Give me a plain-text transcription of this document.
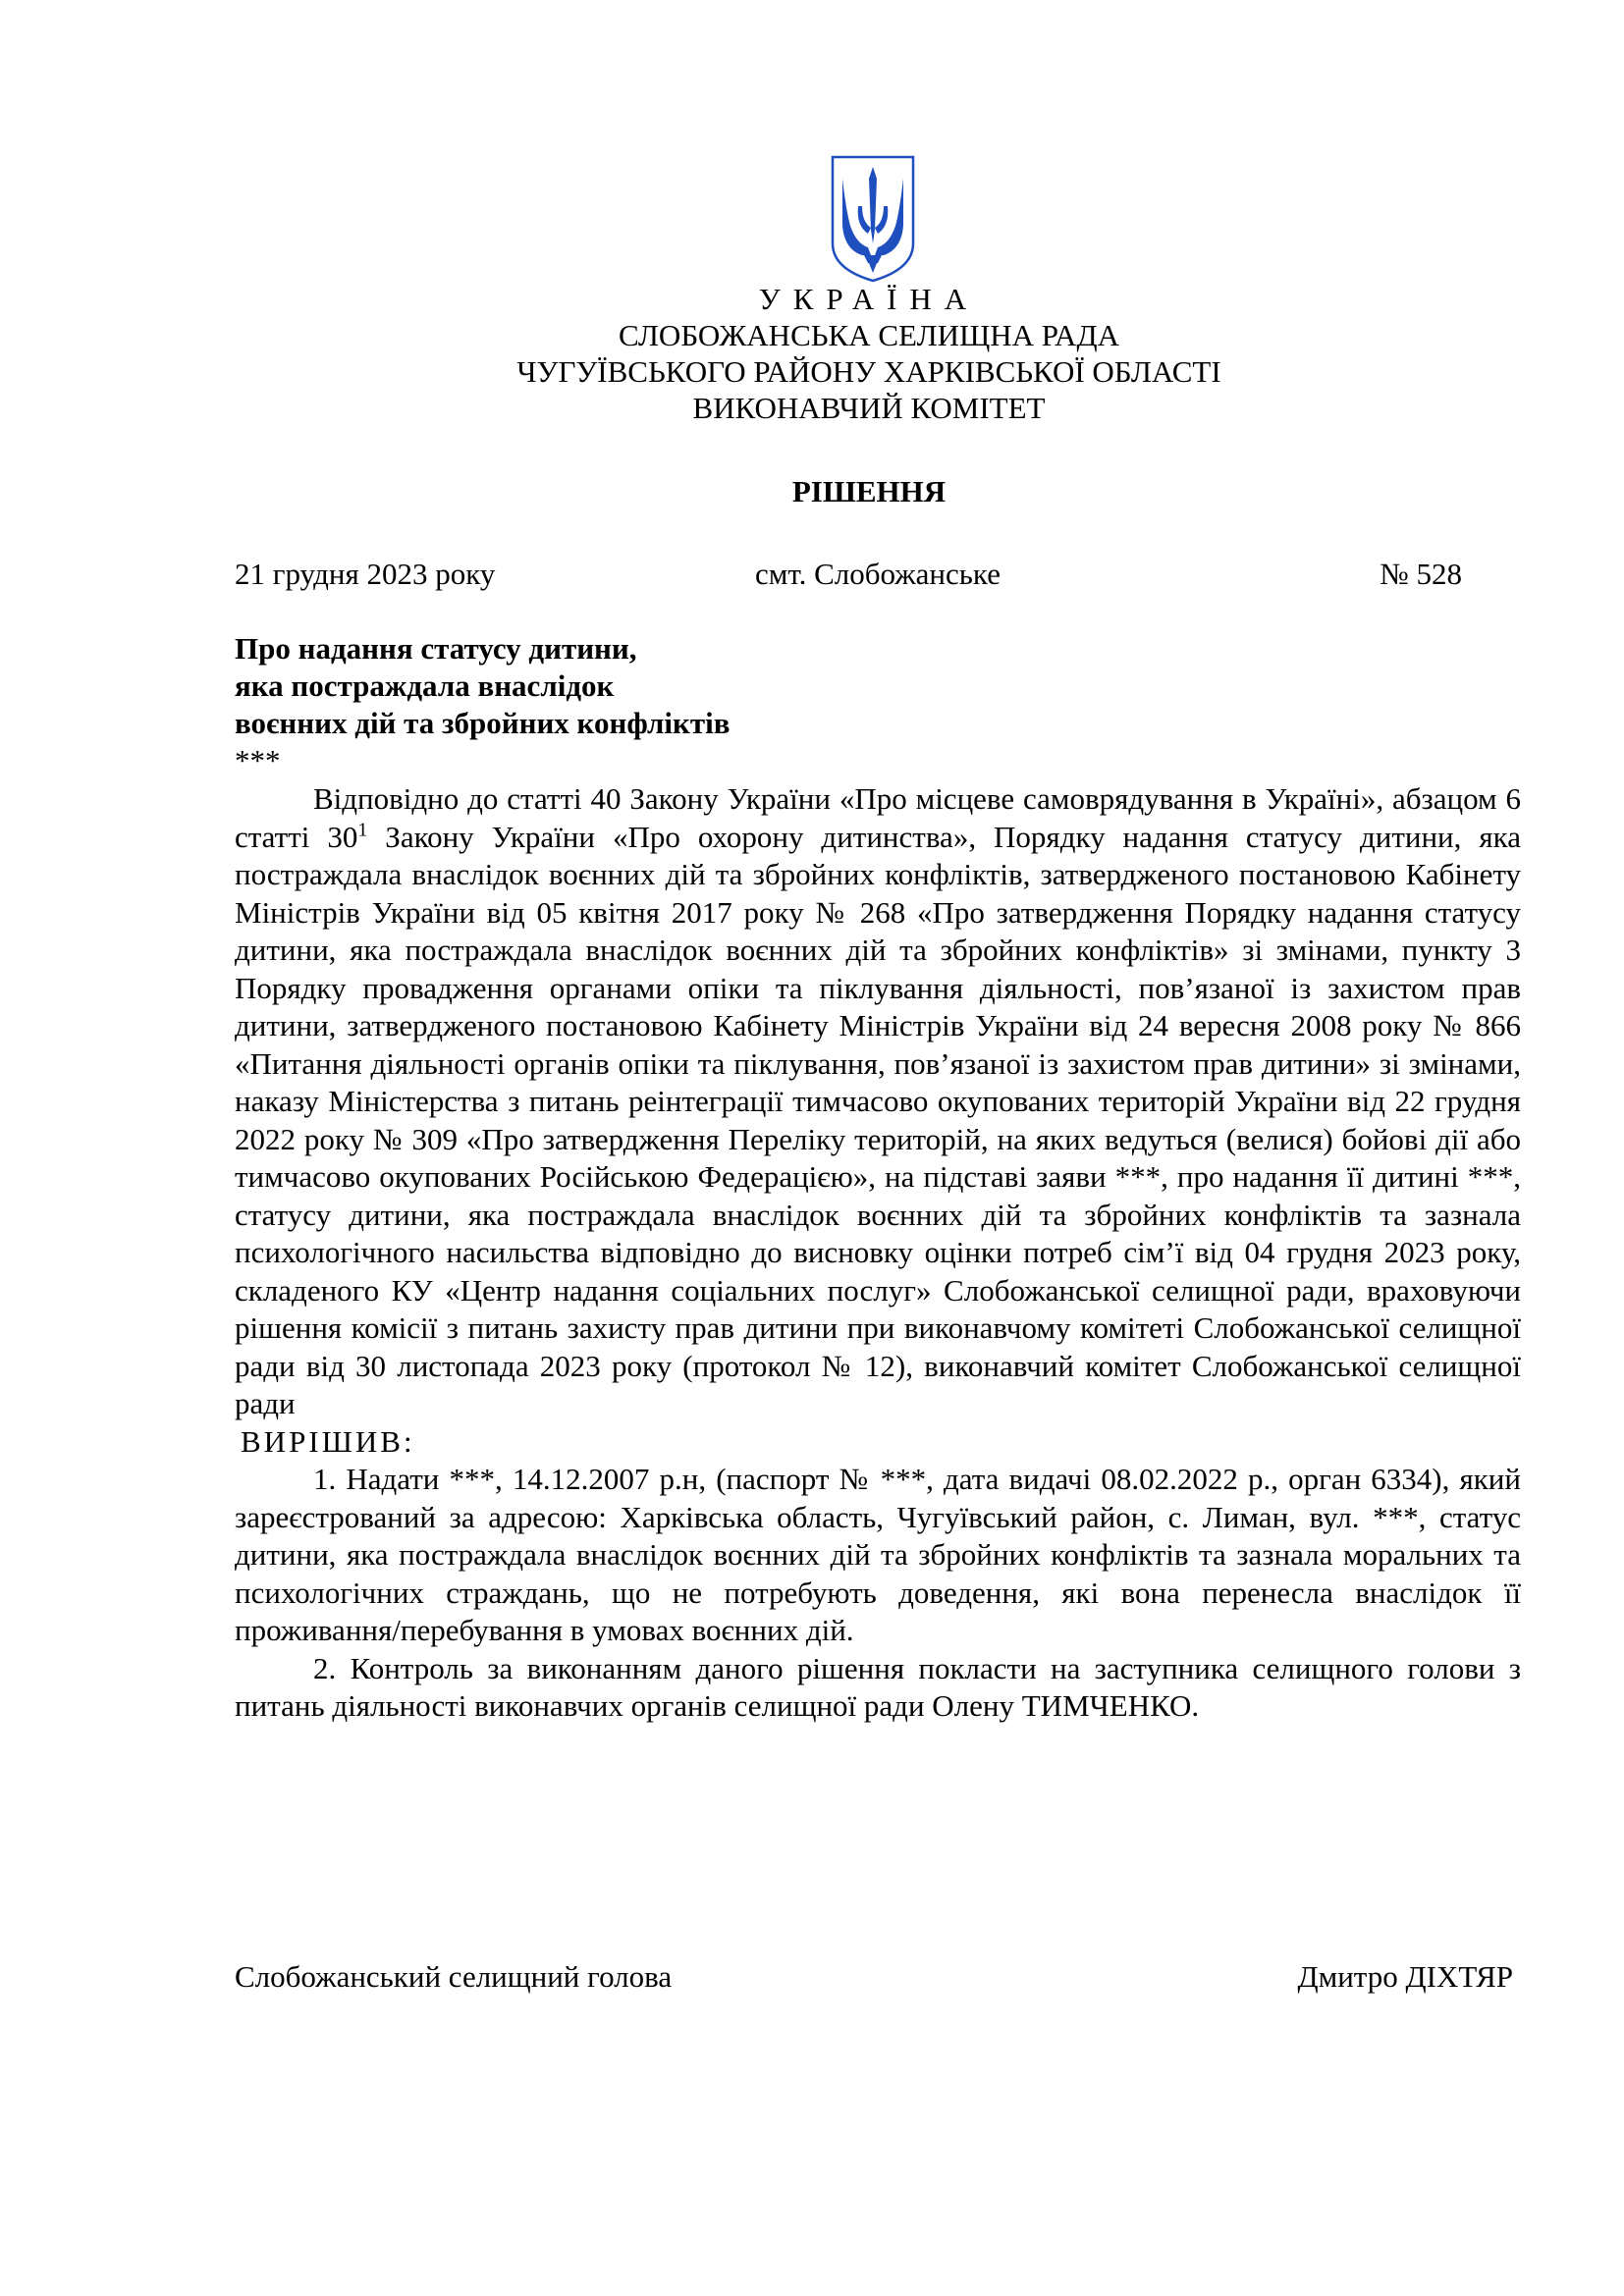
УКРАЇНА
СЛОБОЖАНСЬКА СЕЛИЩНА РАДА
ЧУГУЇВСЬКОГО РАЙОНУ ХАРКІВСЬКОЇ ОБЛАСТІ
ВИКОНАВЧИЙ КОМІТЕТ
РІШЕННЯ
21 грудня 2023 року	смт. Слобожанське	№ 528
Про надання статусу дитини,
яка постраждала внаслідок
воєнних дій та збройних конфліктів
***

Відповідно до статті 40 Закону України «Про місцеве самоврядування в Україні», абзацом 6 статті $30^1$ Закону України «Про охорону дитинства», Порядку надання статусу дитини, яка постраждала внаслідок воєнних дій та збройних конфліктів, затвердженого постановою Кабінету Міністрів України від 05 квітня 2017 року № 268 «Про затвердження Порядку надання статусу дитини, яка постраждала внаслідок воєнних дій та збройних конфліктів» зі змінами, пункту 3 Порядку провадження органами опіки та піклування діяльності, пов’язаної із захистом прав дитини, затвердженого постановою Кабінету Міністрів України від 24 вересня 2008 року № 866 «Питання діяльності органів опіки та піклування, пов’язаної із захистом прав дитини» зі змінами, наказу Міністерства з питань реінтеграції тимчасово окупованих територій України від 22 грудня 2022 року № 309 «Про затвердження Переліку територій, на яких ведуться (велися) бойові дії або тимчасово окупованих Російською Федерацією», на підставі заяви ***, про надання її дитині ***, статусу дитини, яка постраждала внаслідок воєнних дій та збройних конфліктів та зазнала психологічного насильства відповідно до висновку оцінки потреб сім’ї від 04 грудня 2023 року, складеного КУ «Центр надання соціальних послуг» Слобожанської селищної ради, враховуючи рішення комісії з питань захисту прав дитини при виконавчому комітеті Слобожанської селищної ради від 30 листопада 2023 року (протокол № 12), виконавчий комітет Слобожанської селищної ради

ВИРІШИВ:

1. Надати ***, 14.12.2007 р.н, (паспорт № ***, дата видачі 08.02.2022 р., орган 6334), який зареєстрований за адресою: Харківська область, Чугуївський район, с. Лиман, вул. ***, статус дитини, яка постраждала внаслідок воєнних дій та збройних конфліктів та зазнала моральних та психологічних страждань, що не потребують доведення, які вона перенесла внаслідок її проживання/перебування в умовах воєнних дій.

2. Контроль за виконанням даного рішення покласти на заступника селищного голови з питань діяльності виконавчих органів селищної ради Олену ТИМЧЕНКО.

Слобожанський селищний голова	Дмитро ДІХТЯР
